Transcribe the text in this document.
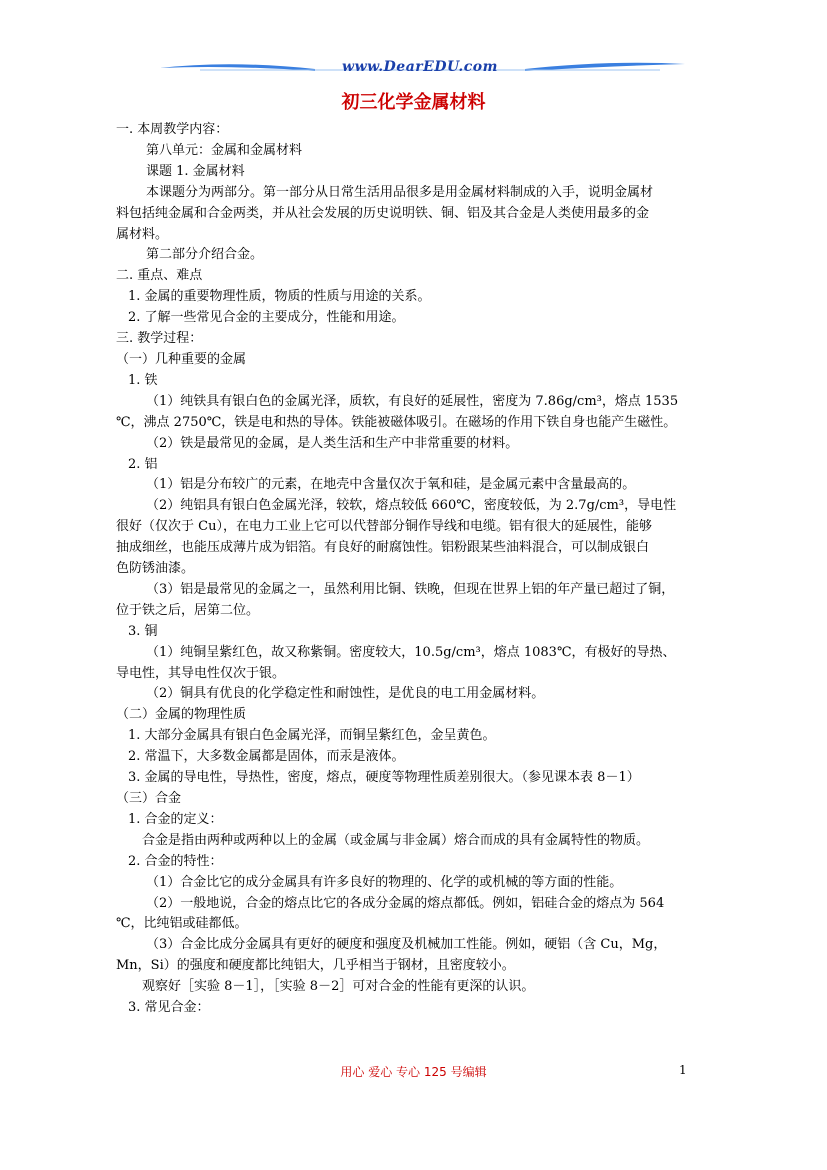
www.DearEDU.com
初三化学金属材料

一. 本周教学内容：

第八单元：金属和金属材料

课题 1. 金属材料

本课题分为两部分。第一部分从日常生活用品很多是用金属材料制成的入手，说明金属材

料包括纯金属和合金两类，并从社会发展的历史说明铁、铜、铝及其合金是人类使用最多的金

属材料。

第二部分介绍合金。

二. 重点、难点

1. 金属的重要物理性质，物质的性质与用途的关系。

2. 了解一些常见合金的主要成分，性能和用途。

三. 教学过程：

（一）几种重要的金属

1. 铁

（1）纯铁具有银白色的金属光泽，质软，有良好的延展性，密度为 7.86g/cm³，熔点 1535

℃，沸点 2750℃，铁是电和热的导体。铁能被磁体吸引。在磁场的作用下铁自身也能产生磁性。

（2）铁是最常见的金属，是人类生活和生产中非常重要的材料。

2. 铝

（1）铝是分布较广的元素，在地壳中含量仅次于氧和硅，是金属元素中含量最高的。

（2）纯铝具有银白色金属光泽，较软，熔点较低 660℃，密度较低，为 2.7g/cm³，导电性

很好（仅次于 Cu），在电力工业上它可以代替部分铜作导线和电缆。铝有很大的延展性，能够

抽成细丝，也能压成薄片成为铝箔。有良好的耐腐蚀性。铝粉跟某些油料混合，可以制成银白

色防锈油漆。

（3）铝是最常见的金属之一，虽然利用比铜、铁晚，但现在世界上铝的年产量已超过了铜，

位于铁之后，居第二位。

3. 铜

（1）纯铜呈紫红色，故又称紫铜。密度较大，10.5g/cm³，熔点 1083℃，有极好的导热、

导电性，其导电性仅次于银。

（2）铜具有优良的化学稳定性和耐蚀性，是优良的电工用金属材料。

（二）金属的物理性质

1. 大部分金属具有银白色金属光泽，而铜呈紫红色，金呈黄色。

2. 常温下，大多数金属都是固体，而汞是液体。

3. 金属的导电性，导热性，密度，熔点，硬度等物理性质差别很大。（参见课本表 8－1）

（三）合金

1. 合金的定义：

合金是指由两种或两种以上的金属（或金属与非金属）熔合而成的具有金属特性的物质。

2. 合金的特性：

（1）合金比它的成分金属具有许多良好的物理的、化学的或机械的等方面的性能。

（2）一般地说，合金的熔点比它的各成分金属的熔点都低。例如，铝硅合金的熔点为 564

℃，比纯铝或硅都低。

（3）合金比成分金属具有更好的硬度和强度及机械加工性能。例如，硬铝（含 Cu，Mg，

Mn，Si）的强度和硬度都比纯铝大，几乎相当于钢材，且密度较小。

观察好［实验 8－1］，［实验 8－2］可对合金的性能有更深的认识。

3. 常见合金：

用心 爱心 专心 125 号编辑	1
